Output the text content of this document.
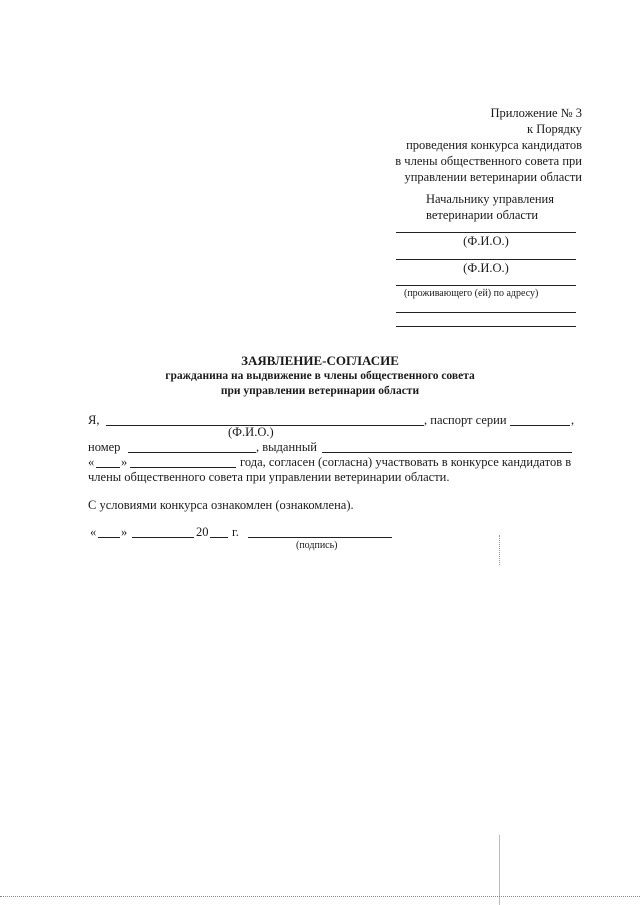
Приложение № 3
к Порядку
проведения конкурса кандидатов
в члены общественного совета при
управлении ветеринарии области
Начальнику управления
ветеринарии области
(Ф.И.О.)
(Ф.И.О.)
(проживающего (ей) по адресу)
ЗАЯВЛЕНИЕ-СОГЛАСИЕ
гражданина на выдвижение в члены общественного совета
при управлении ветеринарии области
Я,	, паспорт серии	,
(Ф.И.О.)
номер	, выданный
« »	года, согласен (согласна) участвовать в конкурсе кандидатов в
члены общественного совета при управлении ветеринарии области.
С условиями конкурса ознакомлен (ознакомлена).
« »	20 г.
(подпись)
